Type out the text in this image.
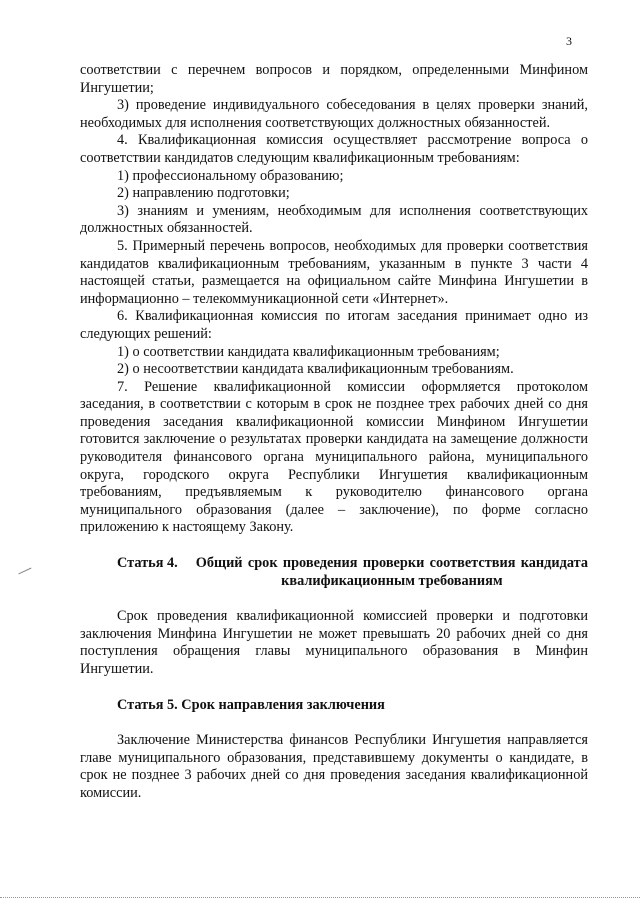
3

соответствии с перечнем вопросов и порядком, определенными Минфином Ингушетии;

3) проведение индивидуального собеседования в целях проверки знаний, необходимых для исполнения соответствующих должностных обязанностей.

4. Квалификационная комиссия осуществляет рассмотрение вопроса о соответствии кандидатов следующим квалификационным требованиям:

1) профессиональному образованию;

2) направлению подготовки;

3) знаниям и умениям, необходимым для исполнения соответствующих должностных обязанностей.

5. Примерный перечень вопросов, необходимых для проверки соответствия кандидатов квалификационным требованиям, указанным в пункте 3 части 4 настоящей статьи, размещается на официальном сайте Минфина Ингушетии в информационно – телекоммуникационной сети «Интернет».

6. Квалификационная комиссия по итогам заседания принимает одно из следующих решений:

1) о соответствии кандидата квалификационным требованиям;

2) о несоответствии кандидата квалификационным требованиям.

7. Решение квалификационной комиссии оформляется протоколом заседания, в соответствии с которым в срок не позднее трех рабочих дней со дня проведения заседания квалификационной комиссии Минфином Ингушетии готовится заключение о результатах проверки кандидата на замещение должности руководителя финансового органа муниципального района, муниципального округа, городского округа Республики Ингушетия квалификационным требованиям, предъявляемым к руководителю финансового органа муниципального образования (далее – заключение), по форме согласно приложению к настоящему Закону.

Статья 4.	Общий срок проведения проверки соответствия кандидата квалификационным требованиям

Срок проведения квалификационной комиссией проверки и подготовки заключения Минфина Ингушетии не может превышать 20 рабочих дней со дня поступления обращения главы муниципального образования в Минфин Ингушетии.

Статья 5. Срок направления заключения

Заключение Министерства финансов Республики Ингушетия направляется главе муниципального образования, представившему документы о кандидате, в срок не позднее 3 рабочих дней со дня проведения заседания квалификационной комиссии.
